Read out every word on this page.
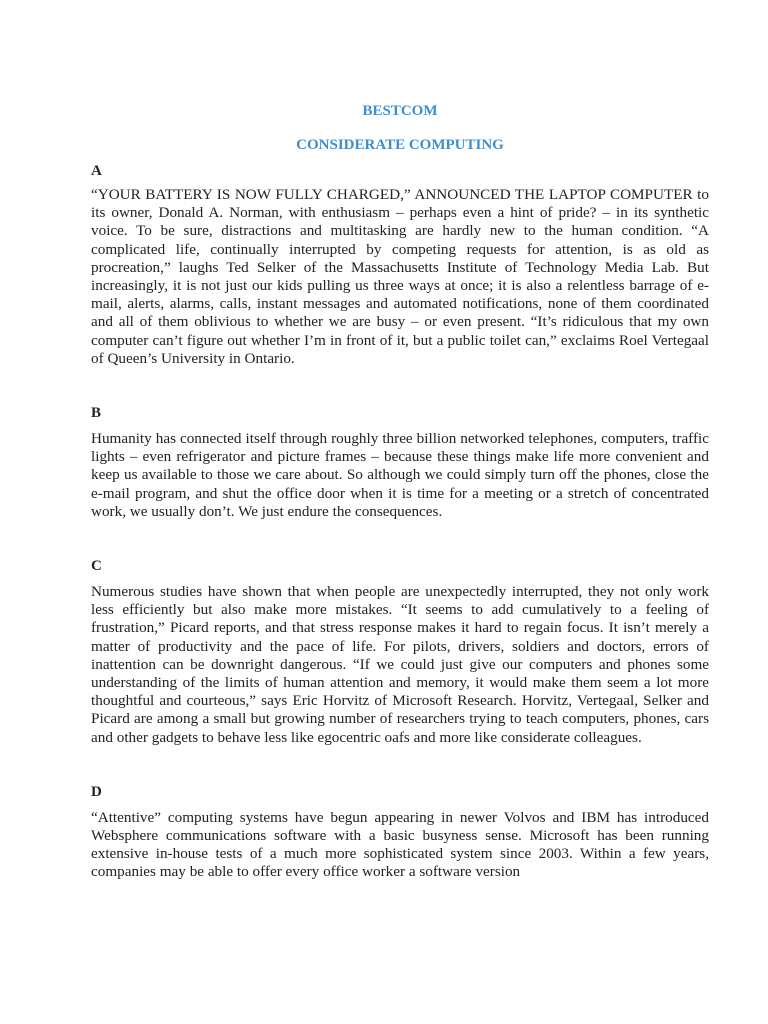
BESTCOM

CONSIDERATE COMPUTING

A

“YOUR BATTERY IS NOW FULLY CHARGED,” ANNOUNCED THE LAPTOP COMPUTER to its owner, Donald A. Norman, with enthusiasm – perhaps even a hint of pride? – in its synthetic voice. To be sure, distractions and multitasking are hardly new to the human condition. “A complicated life, continually interrupted by competing requests for attention, is as old as procreation,” laughs Ted Selker of the Massachusetts Institute of Technology Media Lab. But increasingly, it is not just our kids pulling us three ways at once; it is also a relentless barrage of e-mail, alerts, alarms, calls, instant messages and automated notifications, none of them coordinated and all of them oblivious to whether we are busy – or even present. “It’s ridiculous that my own computer can’t figure out whether I’m in front of it, but a public toilet can,” exclaims Roel Vertegaal of Queen’s University in Ontario.

B

Humanity has connected itself through roughly three billion networked telephones, computers, traffic lights – even refrigerator and picture frames – because these things make life more convenient and keep us available to those we care about. So although we could simply turn off the phones, close the e-mail program, and shut the office door when it is time for a meeting or a stretch of concentrated work, we usually don’t. We just endure the consequences.

C

Numerous studies have shown that when people are unexpectedly interrupted, they not only work less efficiently but also make more mistakes. “It seems to add cumulatively to a feeling of frustration,” Picard reports, and that stress response makes it hard to regain focus. It isn’t merely a matter of productivity and the pace of life. For pilots, drivers, soldiers and doctors, errors of inattention can be downright dangerous. “If we could just give our computers and phones some understanding of the limits of human attention and memory, it would make them seem a lot more thoughtful and courteous,” says Eric Horvitz of Microsoft Research. Horvitz, Vertegaal, Selker and Picard are among a small but growing number of researchers trying to teach computers, phones, cars and other gadgets to behave less like egocentric oafs and more like considerate colleagues.

D

“Attentive” computing systems have begun appearing in newer Volvos and IBM has introduced Websphere communications software with a basic busyness sense. Microsoft has been running extensive in-house tests of a much more sophisticated system since 2003. Within a few years, companies may be able to offer every office worker a software version
